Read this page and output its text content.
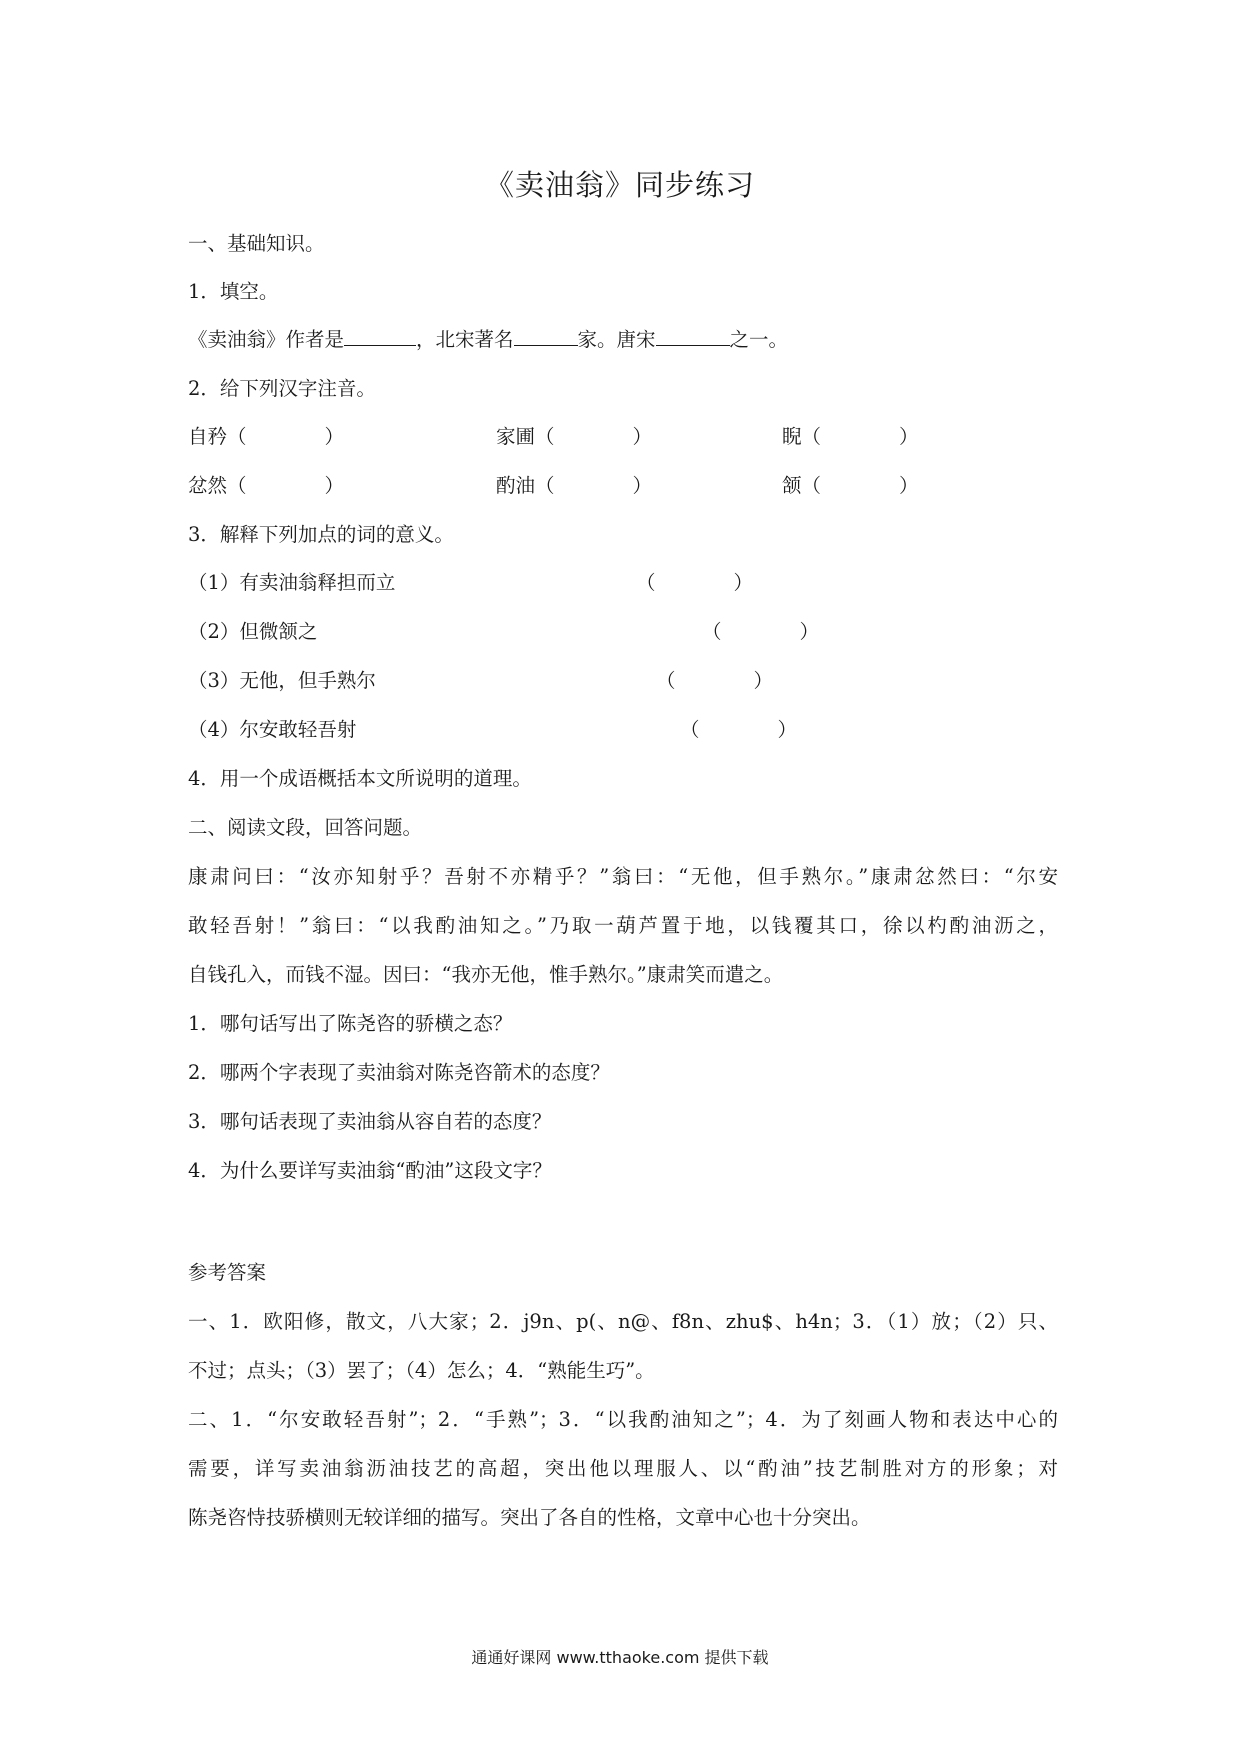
《卖油翁》同步练习
一、基础知识。
1．填空。
《卖油翁》作者是	，北宋著名	家。唐宋	之一。
2．给下列汉字注音。
自矜（	）	家圃（	）	睨（	）
忿然（	）	酌油（	）	颔（	）
3．解释下列加点的词的意义。
（1）有卖油翁释担而立	（	）
（2）但微颔之	（	）
（3）无他，但手熟尔	（	）
（4）尔安敢轻吾射	（	）
4．用一个成语概括本文所说明的道理。
二、阅读文段，回答问题。
康肃问曰：“汝亦知射乎？吾射不亦精乎？”翁曰：“无他，但手熟尔。”康肃忿然曰：“尔安
敢轻吾射！”翁曰：“以我酌油知之。”乃取一葫芦置于地，以钱覆其口，徐以杓酌油沥之，
自钱孔入，而钱不湿。因曰：“我亦无他，惟手熟尔。”康肃笑而遣之。
1．哪句话写出了陈尧咨的骄横之态？
2．哪两个字表现了卖油翁对陈尧咨箭术的态度？
3．哪句话表现了卖油翁从容自若的态度？
4．为什么要详写卖油翁“酌油”这段文字？
参考答案
一、1．欧阳修，散文，八大家；2．j9n、p(、n@、f8n、zhu$、h4n；3．（1）放；（2）只、
不过；点头；（3）罢了；（4）怎么；4．“熟能生巧”。
二、1．“尔安敢轻吾射”；2．“手熟”；3．“以我酌油知之”；4．为了刻画人物和表达中心的
需要，详写卖油翁沥油技艺的高超，突出他以理服人、以“酌油”技艺制胜对方的形象；对
陈尧咨恃技骄横则无较详细的描写。突出了各自的性格，文章中心也十分突出。
通通好课网 www.tthaoke.com 提供下载
